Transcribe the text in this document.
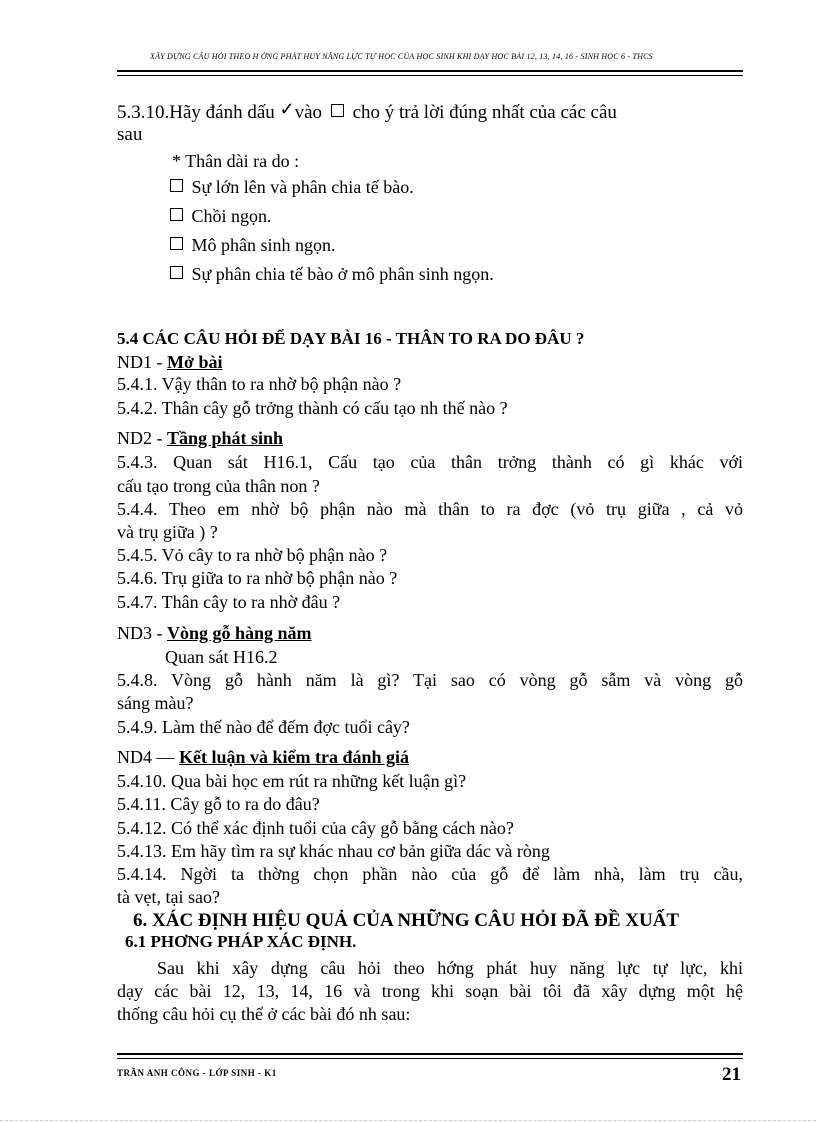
XÂY DỰNG CÂU HỎI THEO H ỚNG PHÁT HUY NĂNG LỰC TỰ HỌC CỦA HỌC SINH KHI DẠY HỌC BÀI 12, 13, 14, 16 - SINH HỌC 6 - THCS
5.3.10.Hãy đánh dấu ✓vào cho ý trả lời đúng nhất của các câu
sau
* Thân dài ra do :
Sự lớn lên và phân chia tế bào.
Chồi ngọn.
Mô phân sinh ngọn.
Sự phân chia tế bào ở mô phân sinh ngọn.
5.4 CÁC CÂU HỎI ĐỂ DẠY BÀI 16 - THÂN TO RA DO ĐÂU ?
ND1 - Mở bài
5.4.1. Vậy thân to ra nhờ bộ phận nào ?
5.4.2. Thân cây gỗ trởng thành có cấu tạo nh thế nào ?
ND2 - Tầng phát sinh
5.4.3. Quan sát H16.1, Cấu tạo của thân trởng thành có gì khác với
cấu tạo trong của thân non ?
5.4.4. Theo em nhờ bộ phận nào mà thân to ra đợc (vỏ trụ giữa , cả vỏ
và trụ giữa ) ?
5.4.5. Vỏ cây to ra nhờ bộ phận nào ?
5.4.6. Trụ giữa to ra nhờ bộ phận nào ?
5.4.7. Thân cây to ra nhờ đâu ?
ND3 - Vòng gỗ hàng năm
Quan sát H16.2
5.4.8. Vòng gỗ hành năm là gì? Tại sao có vòng gỗ sẫm và vòng gỗ
sáng màu?
5.4.9. Làm thế nào để đếm đợc tuổi cây?
ND4 — Kết luận và kiểm tra đánh giá
5.4.10. Qua bài học em rút ra những kết luận gì?
5.4.11. Cây gỗ to ra do đâu?
5.4.12. Có thể xác định tuổi của cây gỗ bằng cách nào?
5.4.13. Em hãy tìm ra sự khác nhau cơ bản giữa dác và ròng
5.4.14. Ngời ta thờng chọn phần nào của gỗ để làm nhà, làm trụ cầu,
tà vẹt, tại sao?
6. XÁC ĐỊNH HIỆU QUẢ CỦA NHỮNG CÂU HỎI ĐÃ ĐỀ XUẤT
6.1 PHƠNG PHÁP XÁC ĐỊNH.
Sau khi xây dựng câu hỏi theo hớng phát huy năng lực tự lực, khi
dạy các bài 12, 13, 14, 16 và trong khi soạn bài tôi đã xây dựng một hệ
thống câu hỏi cụ thể ở các bài đó nh sau:
TRẦN ANH CÔNG - LỚP SINH - K1	21
